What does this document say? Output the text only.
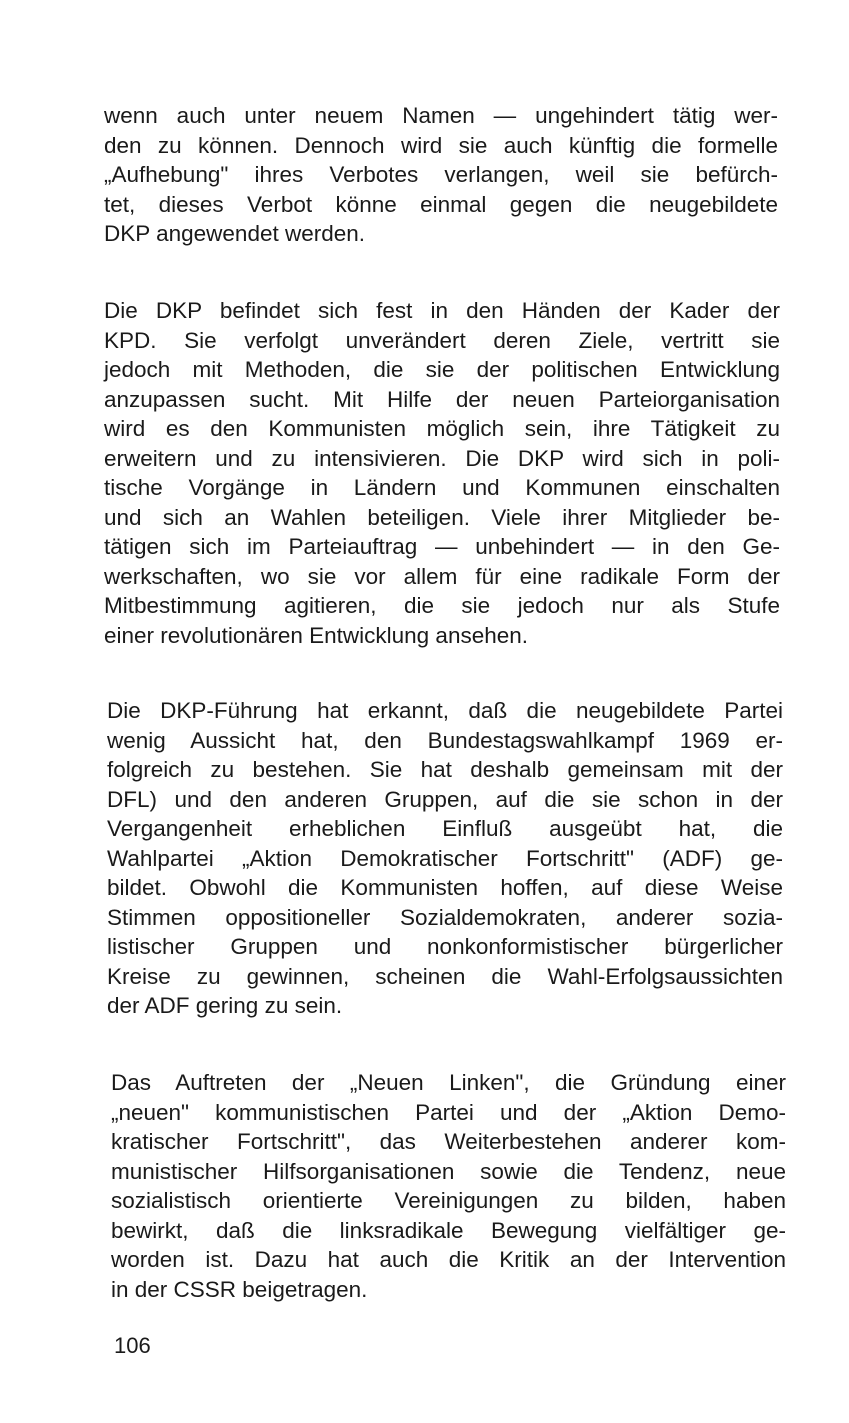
wenn auch unter neuem Namen — ungehindert tätig wer-
den zu können. Dennoch wird sie auch künftig die formelle
„Aufhebung" ihres Verbotes verlangen, weil sie befürch-
tet, dieses Verbot könne einmal gegen die neugebildete
DKP angewendet werden.

Die DKP befindet sich fest in den Händen der Kader der
KPD. Sie verfolgt unverändert deren Ziele, vertritt sie
jedoch mit Methoden, die sie der politischen Entwicklung
anzupassen sucht. Mit Hilfe der neuen Parteiorganisation
wird es den Kommunisten möglich sein, ihre Tätigkeit zu
erweitern und zu intensivieren. Die DKP wird sich in poli-
tische Vorgänge in Ländern und Kommunen einschalten
und sich an Wahlen beteiligen. Viele ihrer Mitglieder be-
tätigen sich im Parteiauftrag — unbehindert — in den Ge-
werkschaften, wo sie vor allem für eine radikale Form der
Mitbestimmung agitieren, die sie jedoch nur als Stufe
einer revolutionären Entwicklung ansehen.

Die DKP-Führung hat erkannt, daß die neugebildete Partei
wenig Aussicht hat, den Bundestagswahlkampf 1969 er-
folgreich zu bestehen. Sie hat deshalb gemeinsam mit der
DFL) und den anderen Gruppen, auf die sie schon in der
Vergangenheit erheblichen Einfluß ausgeübt hat, die
Wahlpartei „Aktion Demokratischer Fortschritt" (ADF) ge-
bildet. Obwohl die Kommunisten hoffen, auf diese Weise
Stimmen oppositioneller Sozialdemokraten, anderer sozia-
listischer Gruppen und nonkonformistischer bürgerlicher
Kreise zu gewinnen, scheinen die Wahl-Erfolgsaussichten
der ADF gering zu sein.

Das Auftreten der „Neuen Linken", die Gründung einer
„neuen" kommunistischen Partei und der „Aktion Demo-
kratischer Fortschritt", das Weiterbestehen anderer kom-
munistischer Hilfsorganisationen sowie die Tendenz, neue
sozialistisch orientierte Vereinigungen zu bilden, haben
bewirkt, daß die linksradikale Bewegung vielfältiger ge-
worden ist. Dazu hat auch die Kritik an der Intervention
in der CSSR beigetragen.

106
